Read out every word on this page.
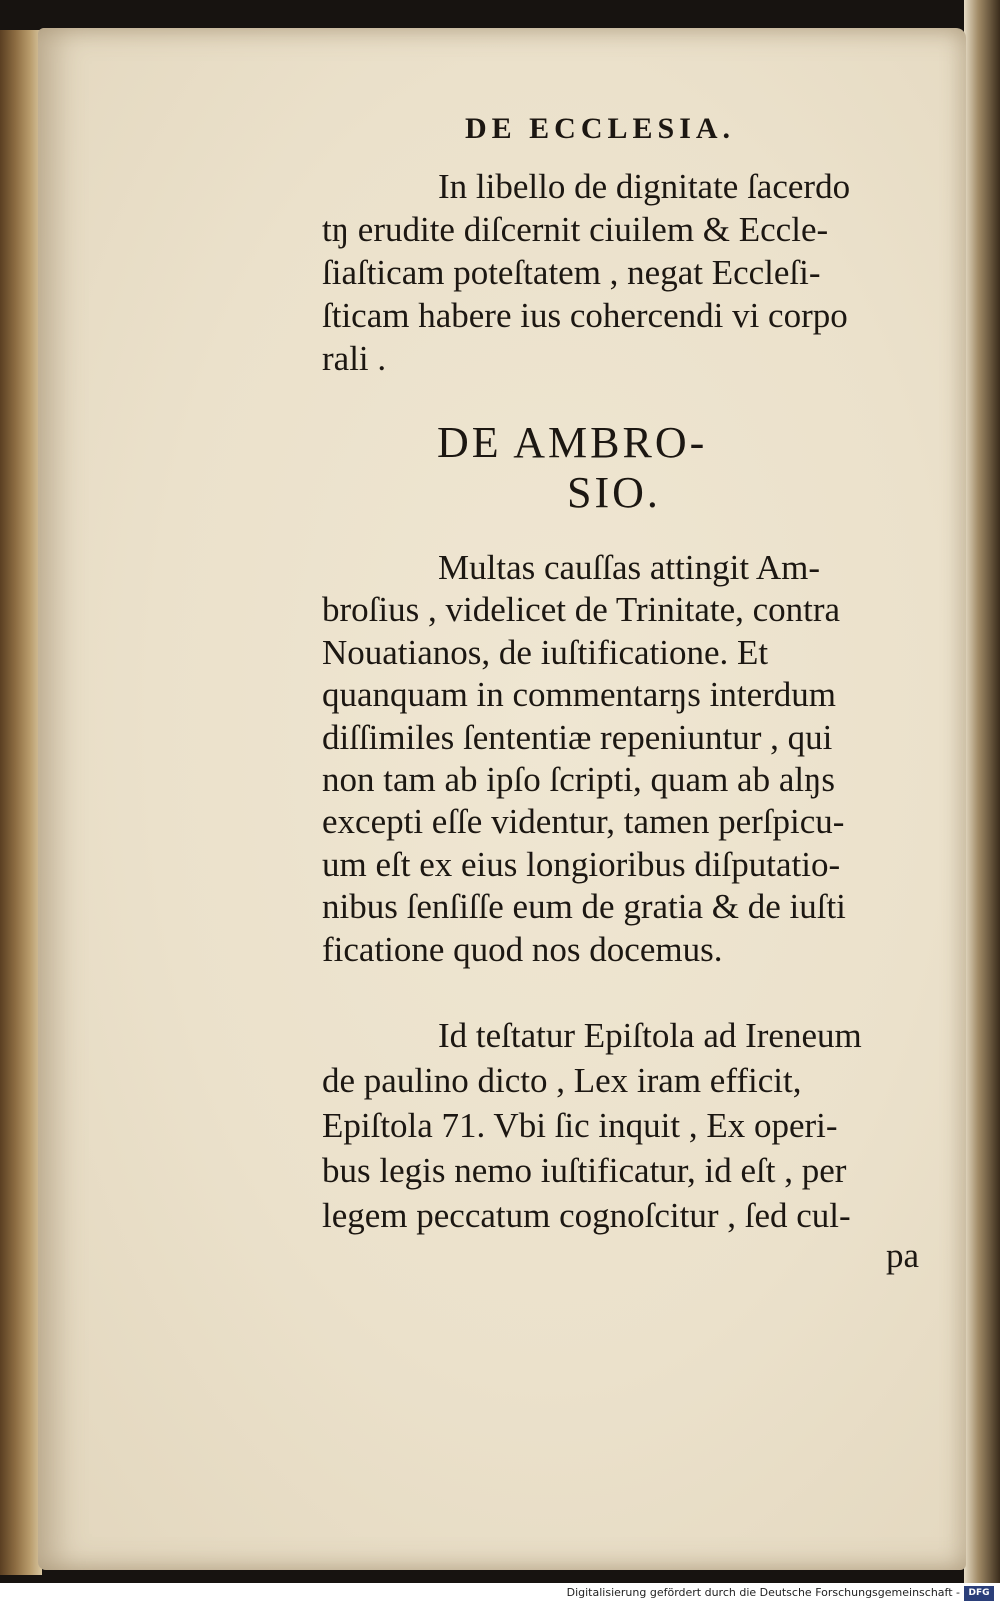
DE ECCLESIA.
In libello de dignitate ſacerdo
tŋ erudite diſcernit ciuilem & Eccle-
ſiaſticam poteſtatem , negat Eccleſi-
ſticam habere ius cohercendi vi corpo
rali .
DE AMBRO-
SIO.
Multas cauſſas attingit Am-
broſius , videlicet de Trinitate, contra
Nouatianos, de iuſtificatione. Et
quanquam in commentarŋs interdum
diſſimiles ſententiæ repeniuntur , qui
non tam ab ipſo ſcripti, quam ab alŋs
excepti eſſe videntur, tamen perſpicu-
um eſt ex eius longioribus diſputatio-
nibus ſenſiſſe eum de gratia & de iuſti
ficatione quod nos docemus.
Id teſtatur Epiſtola ad Ireneum
de paulino dicto , Lex iram efficit,
Epiſtola 71. Vbi ſic inquit , Ex operi-
bus legis nemo iuſtificatur, id eſt , per
legem peccatum cognoſcitur , ſed cul-
pa
Digitalisierung gefördert durch die Deutsche Forschungsgemeinschaft - DFG
